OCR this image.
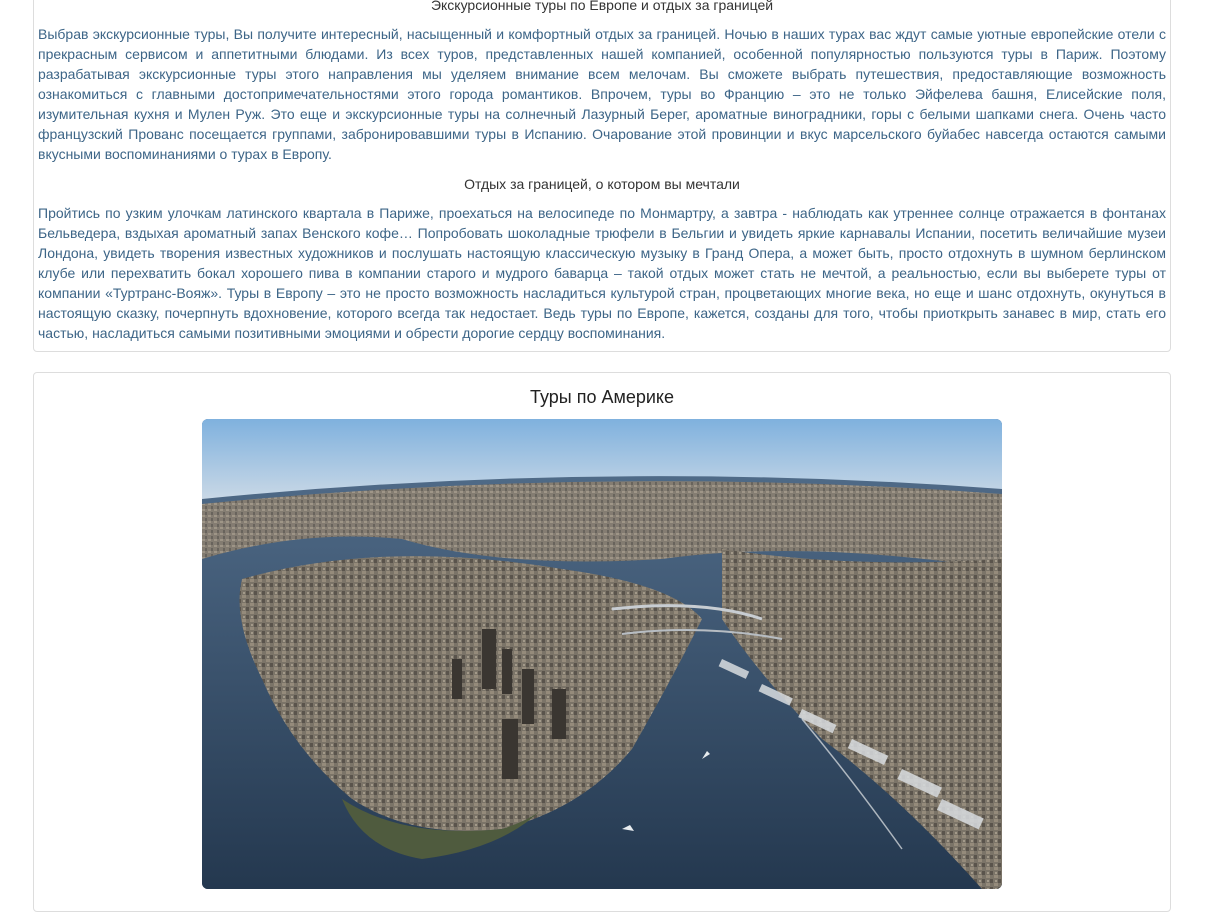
Экскурсионные туры по Европе и отдых за границей

Выбрав экскурсионные туры, Вы получите интересный, насыщенный и комфортный отдых за границей. Ночью в наших турах вас ждут самые уютные европейские отели с прекрасным сервисом и аппетитными блюдами. Из всех туров, представленных нашей компанией, особенной популярностью пользуются туры в Париж. Поэтому разрабатывая экскурсионные туры этого направления мы уделяем внимание всем мелочам. Вы сможете выбрать путешествия, предоставляющие возможность ознакомиться с главными достопримечательностями этого города романтиков. Впрочем, туры во Францию – это не только Эйфелева башня, Елисейские поля, изумительная кухня и Мулен Руж. Это еще и экскурсионные туры на солнечный Лазурный Берег, ароматные виноградники, горы с белыми шапками снега. Очень часто французский Прованс посещается группами, забронировавшими туры в Испанию. Очарование этой провинции и вкус марсельского буйабес навсегда остаются самыми вкусными воспоминаниями о турах в Европу.

Отдых за границей, о котором вы мечтали

Пройтись по узким улочкам латинского квартала в Париже, проехаться на велосипеде по Монмартру, а завтра - наблюдать как утреннее солнце отражается в фонтанах Бельведера, вздыхая ароматный запах Венского кофе… Попробовать шоколадные трюфели в Бельгии и увидеть яркие карнавалы Испании, посетить величайшие музеи Лондона, увидеть творения известных художников и послушать настоящую классическую музыку в Гранд Опера, а может быть, просто отдохнуть в шумном берлинском клубе или перехватить бокал хорошего пива в компании старого и мудрого баварца – такой отдых может стать не мечтой, а реальностью, если вы выберете туры от компании «Туртранс-Вояж». Туры в Европу – это не просто возможность насладиться культурой стран, процветающих многие века, но еще и шанс отдохнуть, окунуться в настоящую сказку, почерпнуть вдохновение, которого всегда так недостает. Ведь туры по Европе, кажется, созданы для того, чтобы приоткрыть занавес в мир, стать его частью, насладиться самыми позитивными эмоциями и обрести дорогие сердцу воспоминания.

Туры по Америке
